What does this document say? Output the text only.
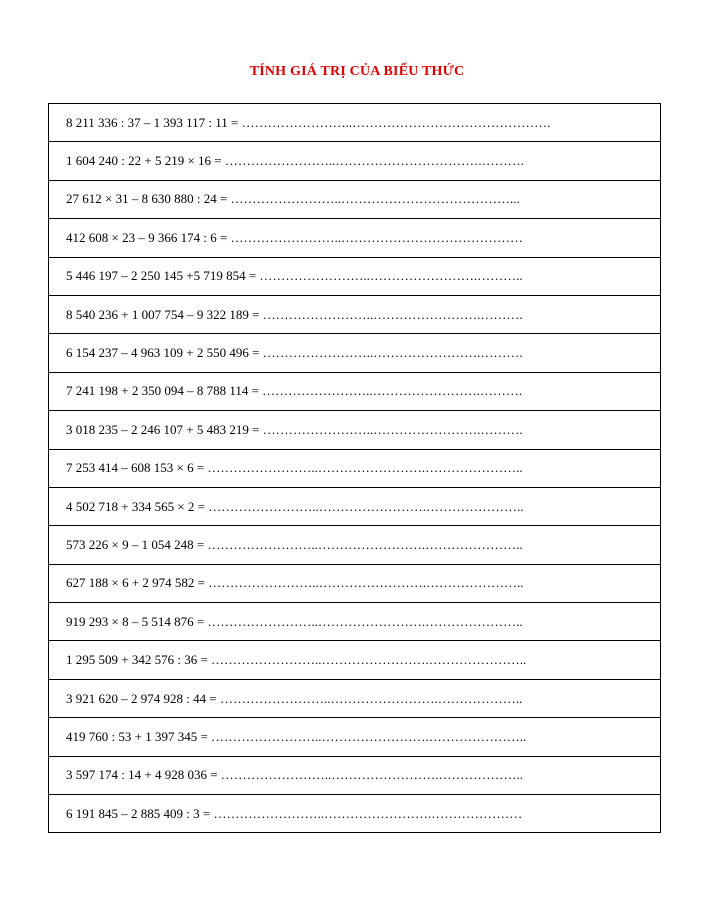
TÍNH GIÁ TRỊ CỦA BIỂU THỨC
8 211 336 : 37 – 1 393 117 : 11 = ……………………..……………………………………….

1 604 240 : 22 + 5 219 × 16 = ……………………..…………………………….……….

27 612 × 31 – 8 630 880 : 24 = ……………………..…………………………………...

412 608 × 23 – 9 366 174 : 6 = ……………………..……………………………………

5 446 197 – 2 250 145 +5 719 854 = ……………………..…………………….………..

8 540 236 + 1 007 754 – 9 322 189 = ……………………..…………………….……….

6 154 237 – 4 963 109 + 2 550 496 = ……………………..…………………….……….

7 241 198 + 2 350 094 – 8 788 114 = ……………………..…………………….……….

3 018 235 – 2 246 107 + 5 483 219 = ……………………..…………………….……….

7 253 414 – 608 153 × 6 = ……………………..…………………….…………………..

4 502 718 + 334 565 × 2 = ……………………..…………………….…………………..

573 226 × 9 – 1 054 248 = ……………………..…………………….…………………..

627 188 × 6 + 2 974 582 = ……………………..…………………….…………………..

919 293 × 8 – 5 514 876 = ……………………..…………………….…………………..

1 295 509 + 342 576 : 36 = ……………………..…………………….…………………..

3 921 620 – 2 974 928 : 44 = ……………………..…………………….………………..

419 760 : 53 + 1 397 345 = ……………………..…………………….…………………..

3 597 174 : 14 + 4 928 036 = ……………………..…………………….………………..

6 191 845 – 2 885 409 : 3 = ……………………..…………………….…………………
